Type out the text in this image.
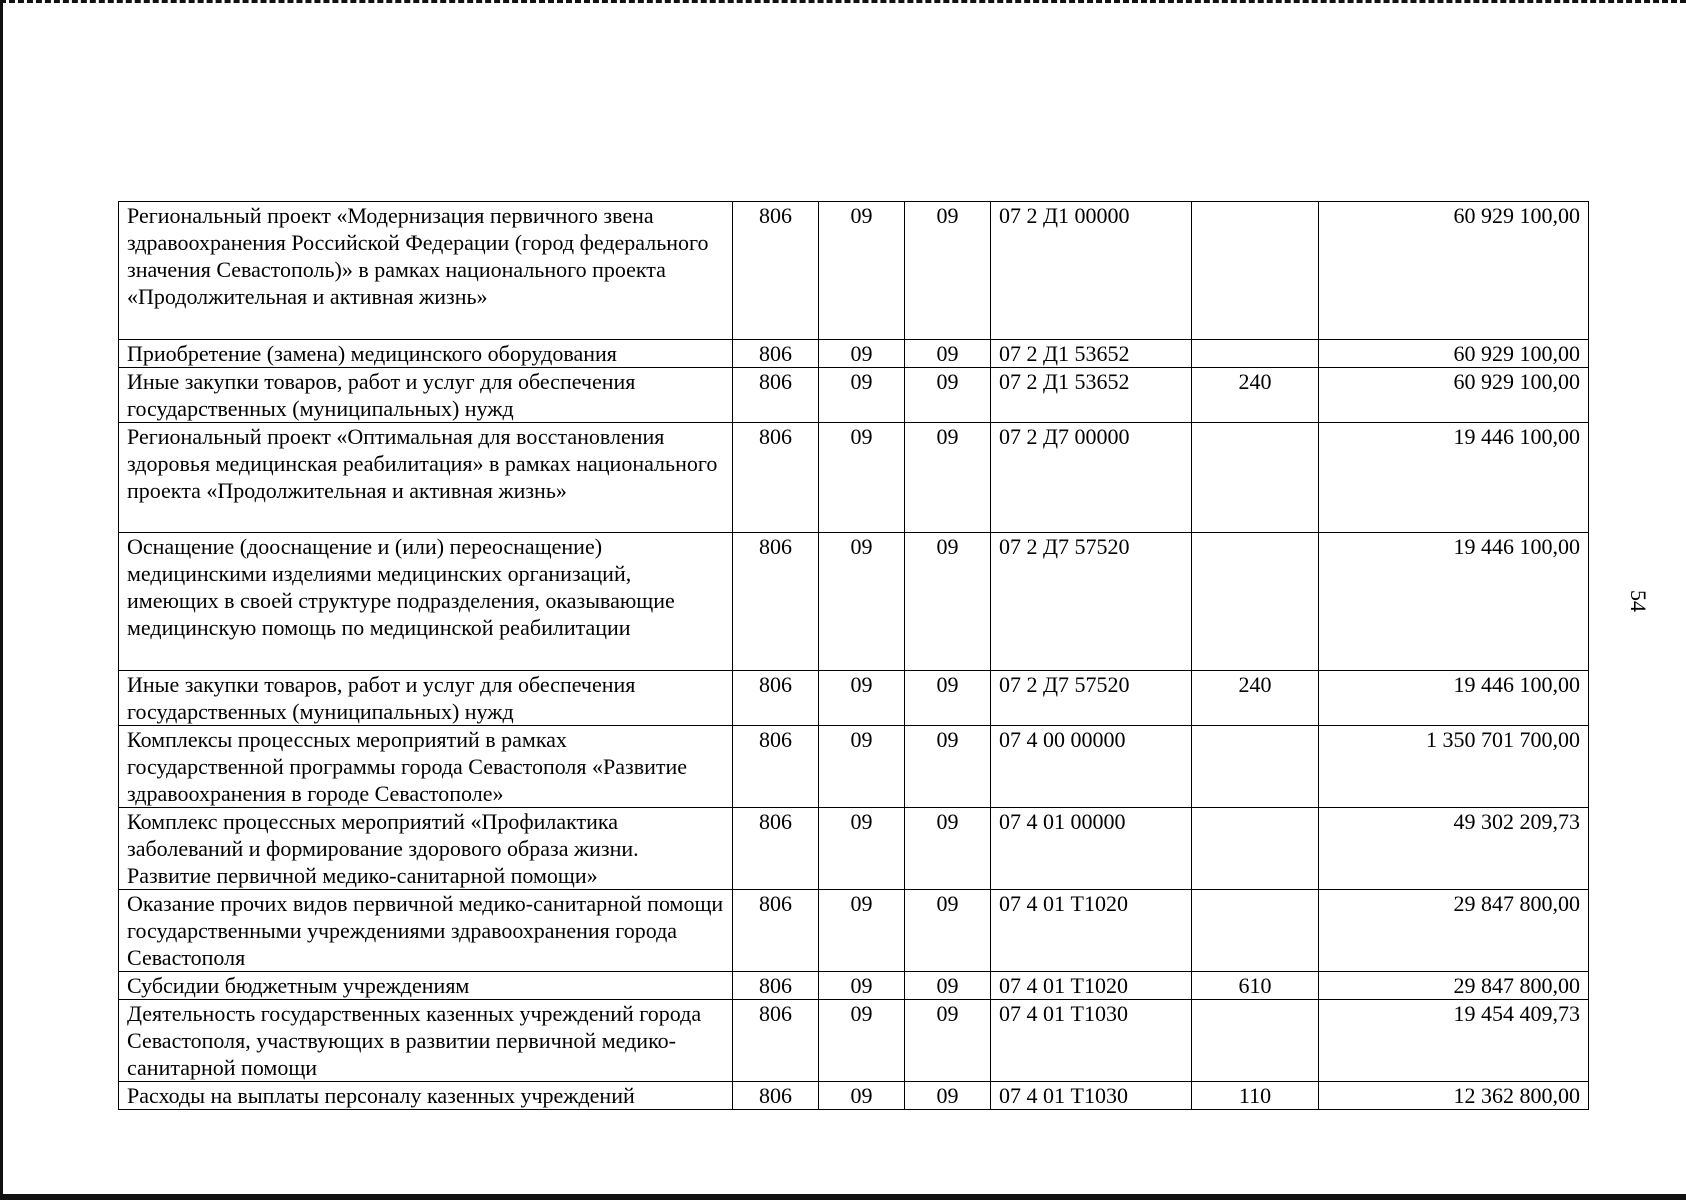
Региональный проект «Модернизация первичного звена здравоохранения Российской Федерации (город федерального значения Севастополь)» в рамках национального проекта «Продолжительная и активная жизнь»	806	09	09	07 2 Д1 00000		60 929 100,00
Приобретение (замена) медицинского оборудования	806	09	09	07 2 Д1 53652		60 929 100,00
Иные закупки товаров, работ и услуг для обеспечения государственных (муниципальных) нужд	806	09	09	07 2 Д1 53652	240	60 929 100,00
Региональный проект «Оптимальная для восстановления здоровья медицинская реабилитация» в рамках национального проекта «Продолжительная и активная жизнь»	806	09	09	07 2 Д7 00000		19 446 100,00
Оснащение (дооснащение и (или) переоснащение) медицинскими изделиями медицинских организаций, имеющих в своей структуре подразделения, оказывающие медицинскую помощь по медицинской реабилитации	806	09	09	07 2 Д7 57520		19 446 100,00
Иные закупки товаров, работ и услуг для обеспечения государственных (муниципальных) нужд	806	09	09	07 2 Д7 57520	240	19 446 100,00
Комплексы процессных мероприятий в рамках государственной программы города Севастополя «Развитие здравоохранения в городе Севастополе»	806	09	09	07 4 00 00000		1 350 701 700,00
Комплекс процессных мероприятий «Профилактика заболеваний и формирование здорового образа жизни. Развитие первичной медико-санитарной помощи»	806	09	09	07 4 01 00000		49 302 209,73
Оказание прочих видов первичной медико-санитарной помощи государственными учреждениями здравоохранения города Севастополя	806	09	09	07 4 01 Т1020		29 847 800,00
Субсидии бюджетным учреждениям	806	09	09	07 4 01 Т1020	610	29 847 800,00
Деятельность государственных казенных учреждений города Севастополя, участвующих в развитии первичной медико-санитарной помощи	806	09	09	07 4 01 Т1030		19 454 409,73
Расходы на выплаты персоналу казенных учреждений	806	09	09	07 4 01 Т1030	110	12 362 800,00
54
